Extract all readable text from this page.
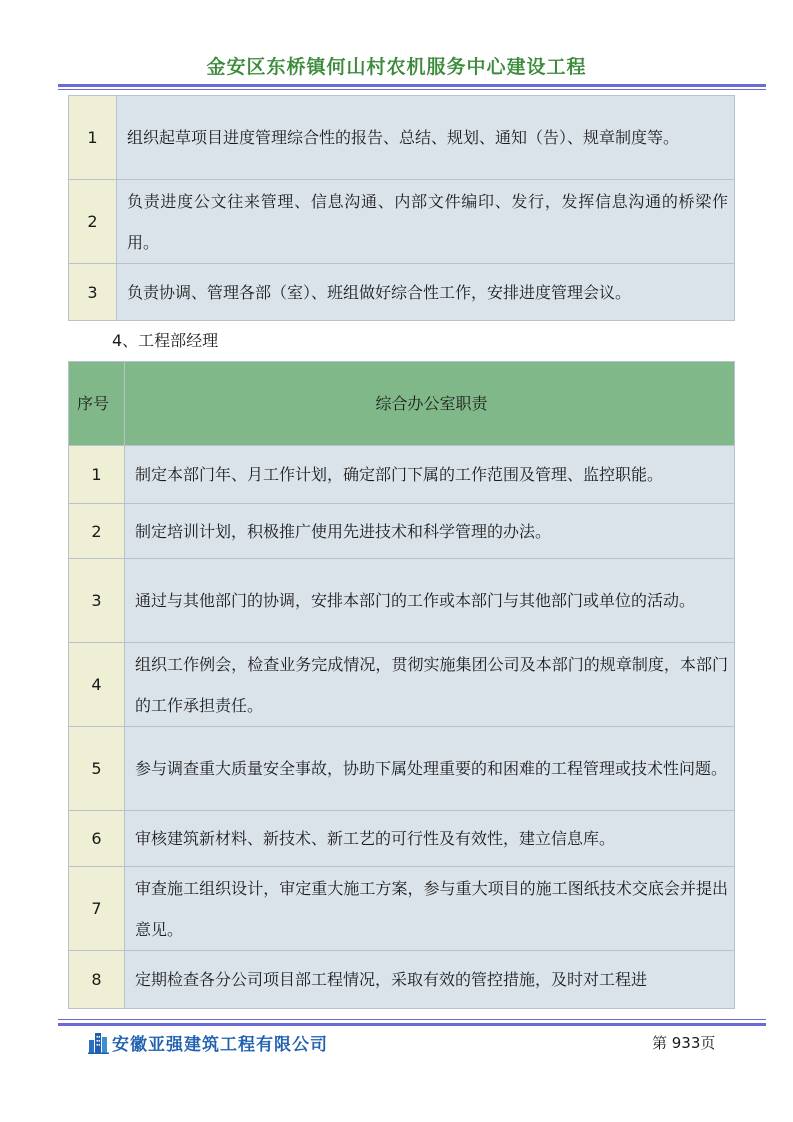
金安区东桥镇何山村农机服务中心建设工程
1	组织起草项目进度管理综合性的报告、总结、规划、通知（告）、规章制度等。
2	负责进度公文往来管理、信息沟通、内部文件编印、发行，发挥信息沟通的桥梁作用。
3	负责协调、管理各部（室）、班组做好综合性工作，安排进度管理会议。
4、工程部经理
序号	综合办公室职责
1	制定本部门年、月工作计划，确定部门下属的工作范围及管理、监控职能。
2	制定培训计划，积极推广使用先进技术和科学管理的办法。
3	通过与其他部门的协调，安排本部门的工作或本部门与其他部门或单位的活动。
4	组织工作例会，检查业务完成情况，贯彻实施集团公司及本部门的规章制度，本部门的工作承担责任。
5	参与调查重大质量安全事故，协助下属处理重要的和困难的工程管理或技术性问题。
6	审核建筑新材料、新技术、新工艺的可行性及有效性，建立信息库。
7	审查施工组织设计，审定重大施工方案，参与重大项目的施工图纸技术交底会并提出意见。
8	定期检查各分公司项目部工程情况，采取有效的管控措施，及时对工程进
安徽亚强建筑工程有限公司	第 933页
